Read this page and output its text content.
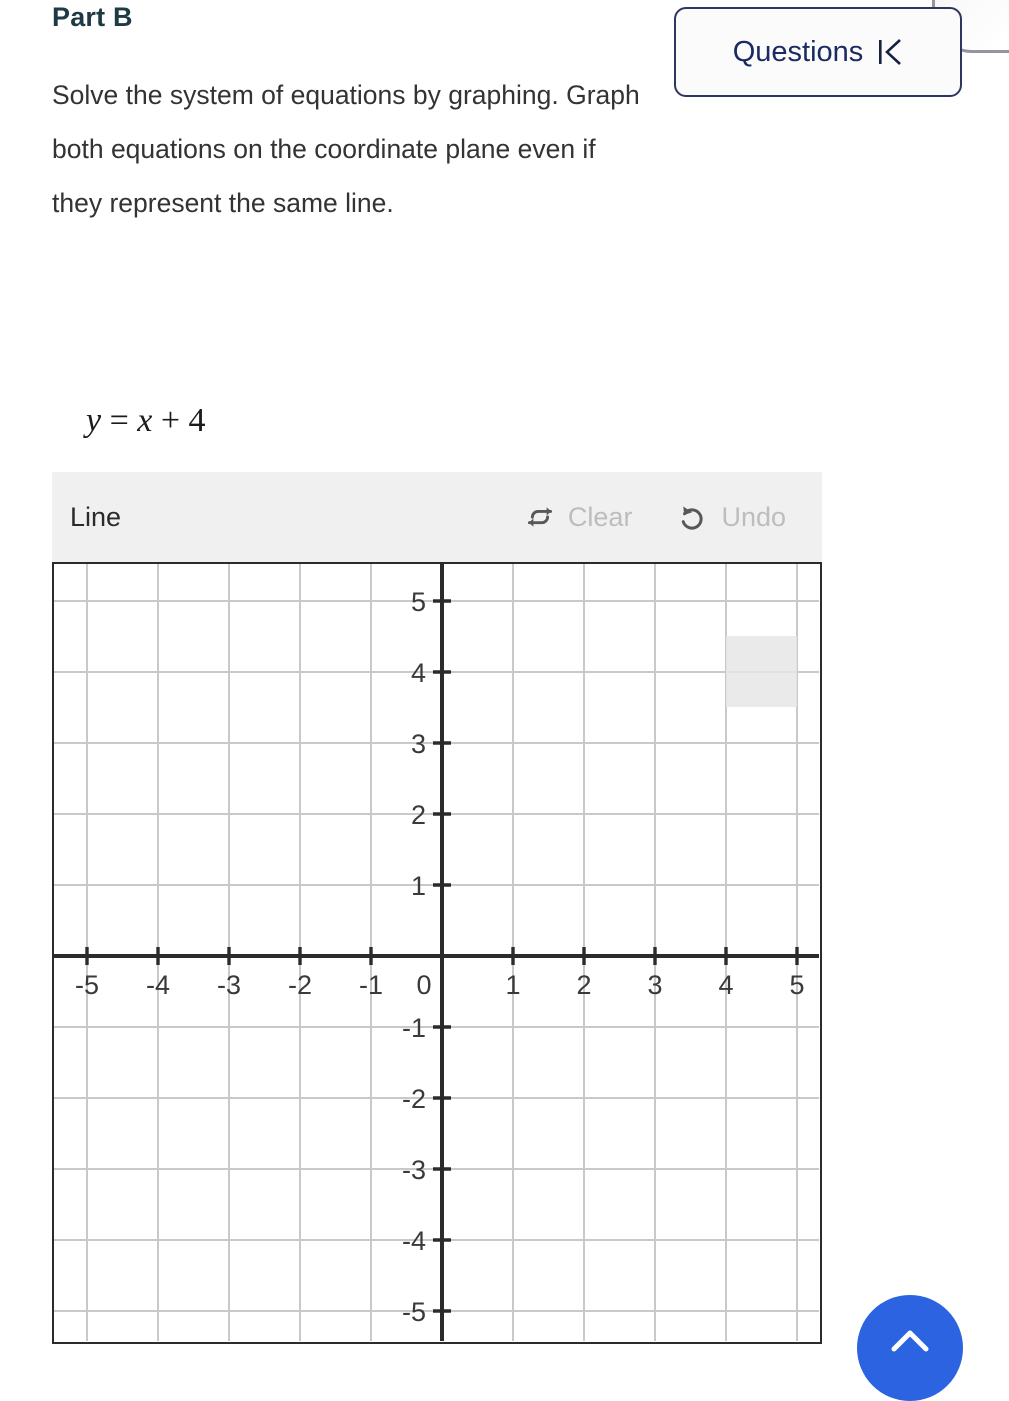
Part B
Solve the system of equations by graphing. Graph both equations on the coordinate plane even if they represent the same line.
Questions

y = x + 4

Line	Clear	Undo
5
4
3
2
1
-1
-2
-3
-4
-5
-5 -4 -3 -2 -1 0	1 2 3 4 5
